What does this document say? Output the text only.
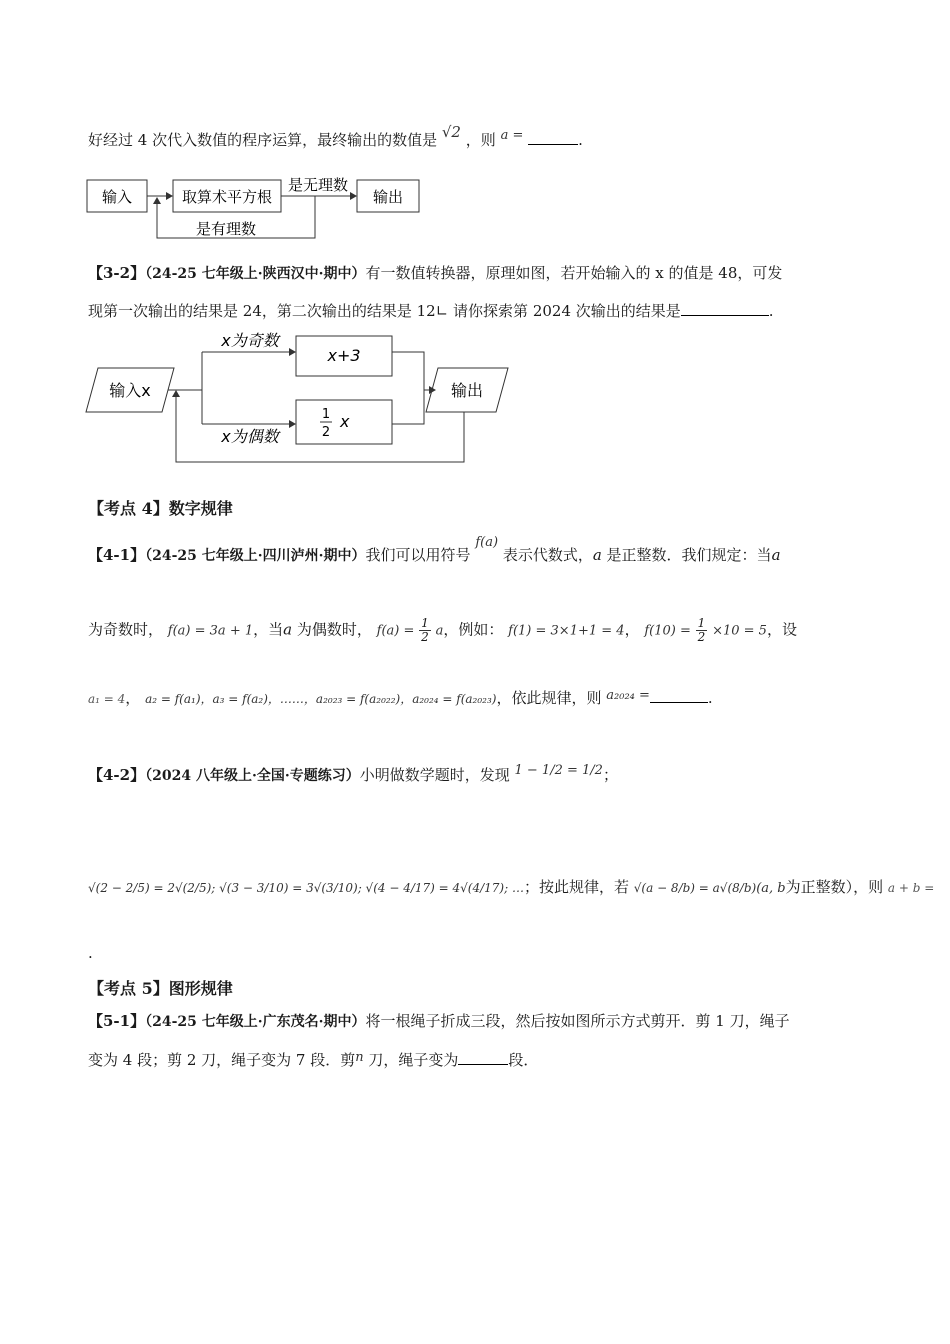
好经过 4 次代入数值的程序运算，最终输出的数值是 √2 ，则 a =	.
输入	取算术平方根
是无理数
输出
是有理数
【3-2】（24-25 七年级上·陕西汉中·期中）有一数值转换器，原理如图，若开始输入的 x 的值是 48，可发
现第一次输出的结果是 24，第二次输出的结果是 12∟ 请你探索第 2024 次输出的结果是	.
输入x
x为奇数
x为偶数
x+3
1
2
x
输出
【考点 4】数字规律
【4-1】（24-25 七年级上·四川泸州·期中）我们可以用符号 f(a) 表示代数式，a 是正整数．我们规定：当a
为奇数时， f(a) = 3a + 1，当a 为偶数时， $f(a) = \frac{1}{2}$ a，例如： f(1) = 3×1+1 = 4， $f(10) = \frac{1}{2} \times 10 = 5$，设
a₁ = 4， a₂ = f(a₁)，a₃ = f(a₂)，……，a₂₀₂₃ = f(a₂₀₂₂)，a₂₀₂₄ = f(a₂₀₂₃)，依此规律，则 a₂₀₂₄ =	.
【4-2】（2024 八年级上·全国·专题练习）小明做数学题时，发现 1 − 1/2 = 1/2；
√(2 − 2/5) = 2√(2/5); √(3 − 3/10) = 3√(3/10); √(4 − 4/17) = 4√(4/17); …；按此规律，若 √(a − 8/b) = a√(8/b)(a, b为正整数），则 a + b =
.
【考点 5】图形规律
【5-1】（24-25 七年级上·广东茂名·期中）将一根绳子折成三段，然后按如图所示方式剪开．剪 1 刀，绳子
变为 4 段；剪 2 刀，绳子变为 7 段．剪n 刀，绳子变为	段．
